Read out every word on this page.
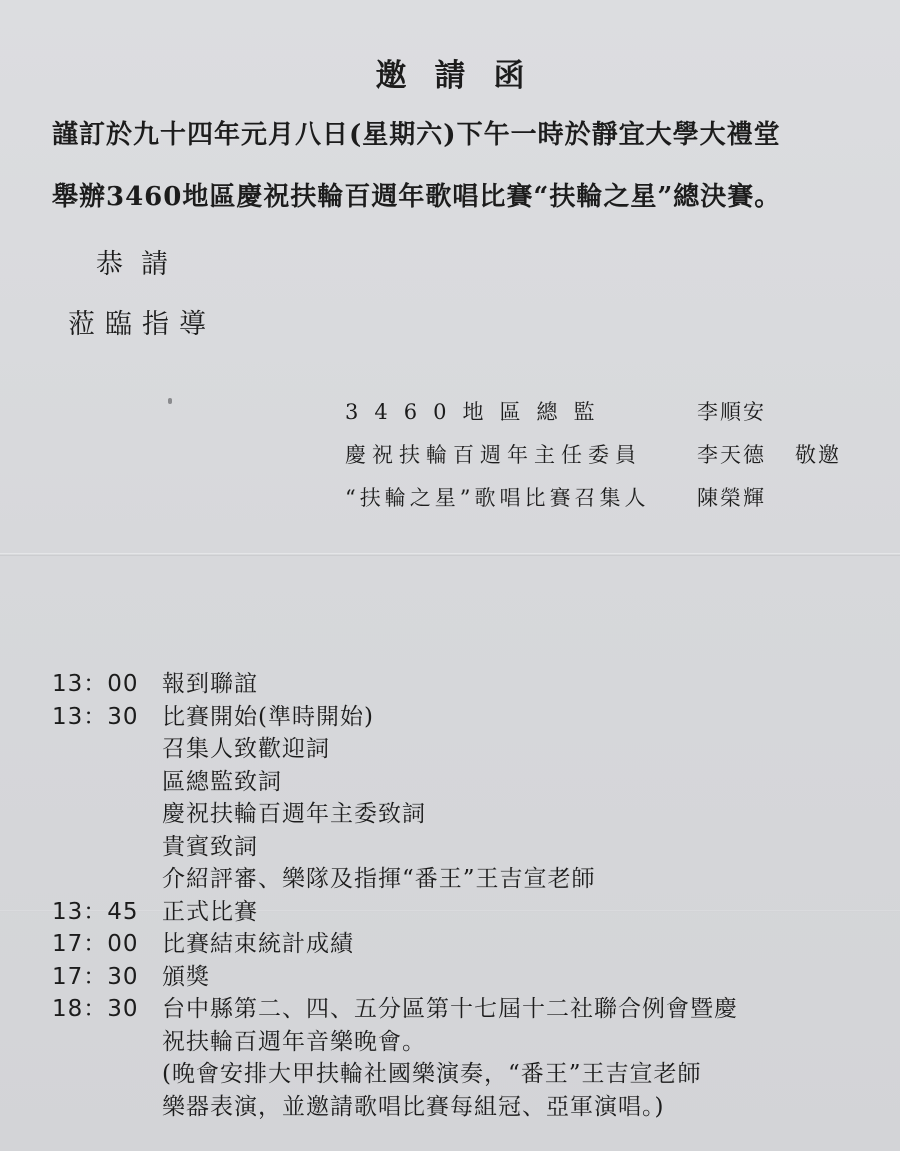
邀請函
謹訂於九十四年元月八日(星期六)下午一時於靜宜大學大禮堂
舉辦3460地區慶祝扶輪百週年歌唱比賽“扶輪之星”總決賽。
恭請
蒞臨指導
3460地區總監	李順安
慶祝扶輪百週年主任委員	李天德 敬邀
“扶輪之星”歌唱比賽召集人 陳榮輝
13：00	報到聯誼
13：30	比賽開始(準時開始)
召集人致歡迎詞
區總監致詞
慶祝扶輪百週年主委致詞
貴賓致詞
介紹評審、樂隊及指揮“番王”王吉宣老師
13：45	正式比賽
17：00	比賽結束統計成績
17：30	頒獎
18：30	台中縣第二、四、五分區第十七屆十二社聯合例會暨慶
祝扶輪百週年音樂晚會。
(晚會安排大甲扶輪社國樂演奏，“番王”王吉宣老師
樂器表演，並邀請歌唱比賽每組冠、亞軍演唱。)
